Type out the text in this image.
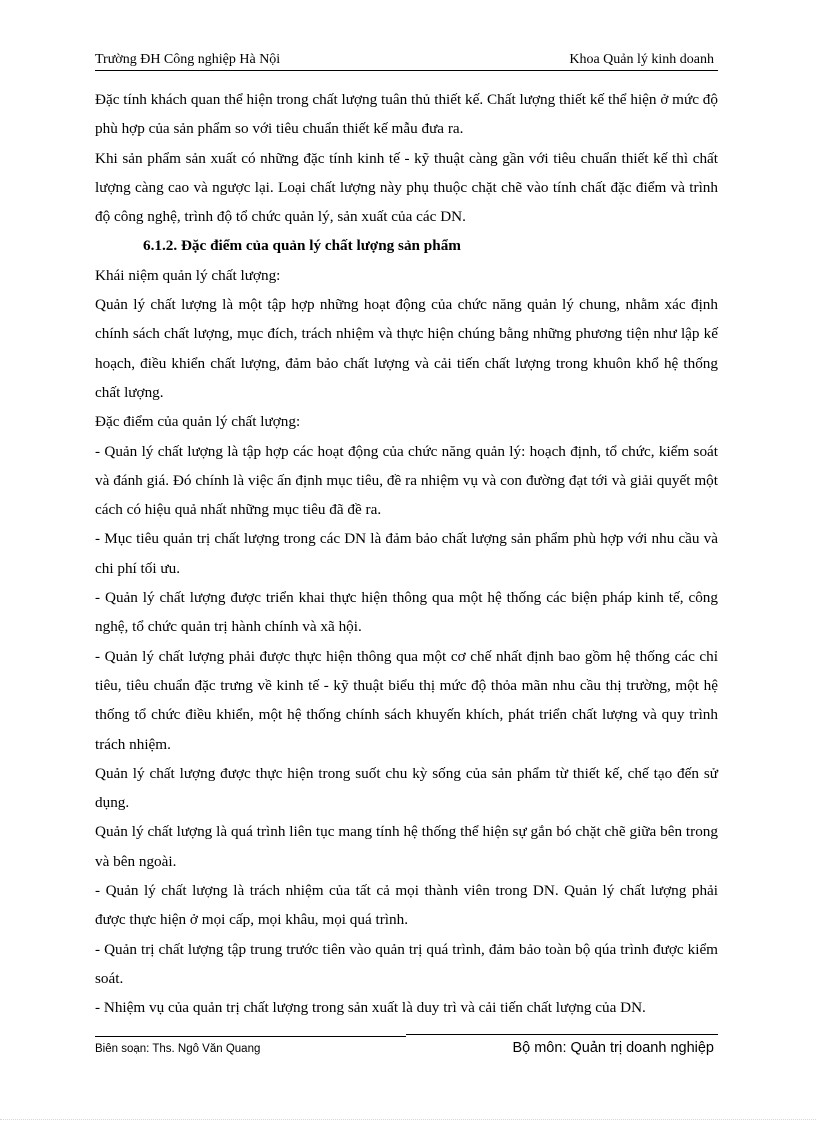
Trường ĐH Công nghiệp Hà Nội	Khoa Quản lý kinh doanh

Đặc tính khách quan thể hiện trong chất lượng tuân thủ thiết kế. Chất lượng thiết kế thể hiện ở mức độ phù hợp của sản phẩm so với tiêu chuẩn thiết kế mẫu đưa ra.

Khi sản phẩm sản xuất có những đặc tính kinh tế - kỹ thuật càng gần với tiêu chuẩn thiết kế thì chất lượng càng cao và ngược lại. Loại chất lượng này phụ thuộc chặt chẽ vào tính chất đặc điểm và trình độ công nghệ, trình độ tổ chức quản lý, sản xuất của các DN.

6.1.2. Đặc điểm của quản lý chất lượng sản phẩm

Khái niệm quản lý chất lượng:

Quản lý chất lượng là một tập hợp những hoạt động của chức năng quản lý chung, nhằm xác định chính sách chất lượng, mục đích, trách nhiệm và thực hiện chúng bằng những phương tiện như lập kế hoạch, điều khiển chất lượng, đảm bảo chất lượng và cải tiến chất lượng trong khuôn khổ hệ thống chất lượng.

Đặc điểm của quản lý chất lượng:

- Quản lý chất lượng là tập hợp các hoạt động của chức năng quản lý: hoạch định, tổ chức, kiểm soát và đánh giá. Đó chính là việc ấn định mục tiêu, đề ra nhiệm vụ và con đường đạt tới và giải quyết một cách có hiệu quả nhất những mục tiêu đã đề ra.

- Mục tiêu quản trị chất lượng trong các DN là đảm bảo chất lượng sản phẩm phù hợp với nhu cầu và chi phí tối ưu.

- Quản lý chất lượng được triển khai thực hiện thông qua một hệ thống các biện pháp kinh tế, công nghệ, tổ chức quản trị hành chính và xã hội.

- Quản lý chất lượng phải được thực hiện thông qua một cơ chế nhất định bao gồm hệ thống các chỉ tiêu, tiêu chuẩn đặc trưng về kinh tế - kỹ thuật biểu thị mức độ thỏa mãn nhu cầu thị trường, một hệ thống tổ chức điều khiển, một hệ thống chính sách khuyến khích, phát triển chất lượng và quy trình trách nhiệm.

Quản lý chất lượng được thực hiện trong suốt chu kỳ sống của sản phẩm từ thiết kế, chế tạo đến sử dụng.

Quản lý chất lượng là quá trình liên tục mang tính hệ thống thể hiện sự gắn bó chặt chẽ giữa bên trong và bên ngoài.

- Quản lý chất lượng là trách nhiệm của tất cả mọi thành viên trong DN. Quản lý chất lượng phải được thực hiện ở mọi cấp, mọi khâu, mọi quá trình.

- Quản trị chất lượng tập trung trước tiên vào quản trị quá trình, đảm bảo toàn bộ qúa trình được kiểm soát.

- Nhiệm vụ của quản trị chất lượng trong sản xuất là duy trì và cải tiến chất lượng của DN.

Biên soạn: Ths. Ngô Văn Quang	Bộ môn: Quản trị doanh nghiệp
